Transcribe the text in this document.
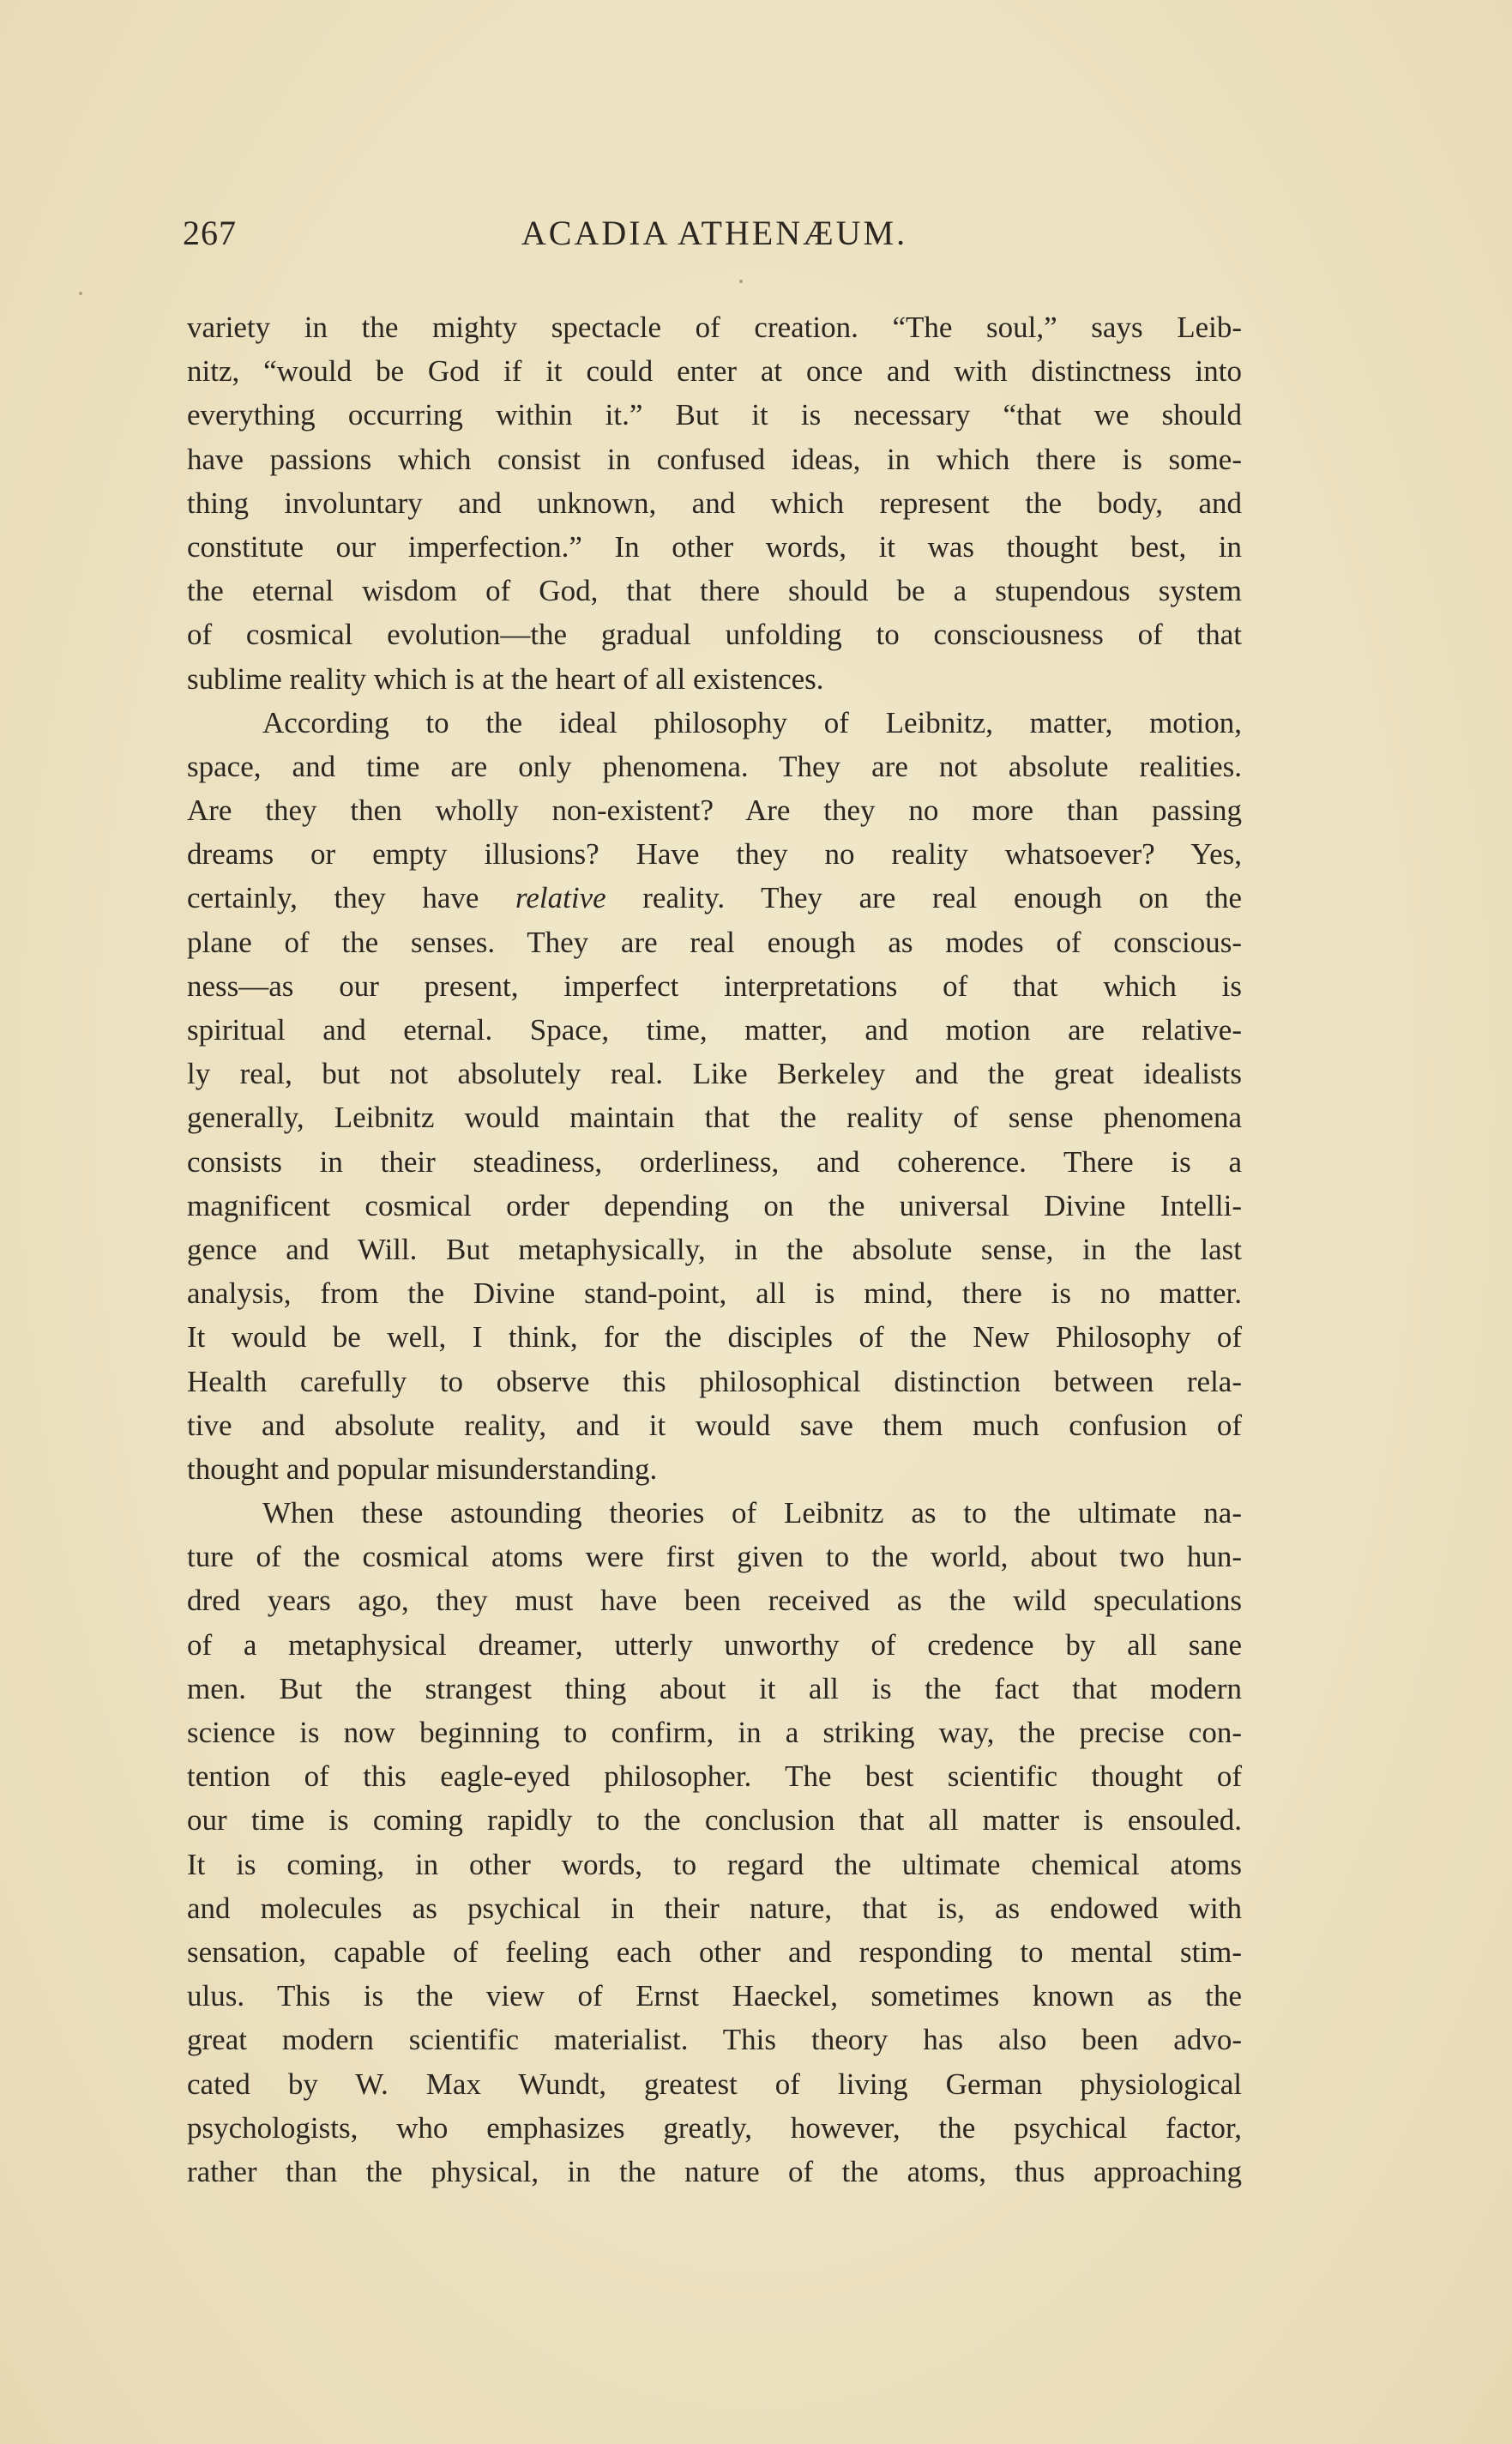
267	ACADIA ATHENÆUM.
variety in the mighty spectacle of creation. “The soul,” says Leib-
nitz, “would be God if it could enter at once and with distinctness into
everything occurring within it.” But it is necessary “that we should
have passions which consist in confused ideas, in which there is some-
thing involuntary and unknown, and which represent the body, and
constitute our imperfection.” In other words, it was thought best, in
the eternal wisdom of God, that there should be a stupendous system
of cosmical evolution—the gradual unfolding to consciousness of that
sublime reality which is at the heart of all existences.
According to the ideal philosophy of Leibnitz, matter, motion,
space, and time are only phenomena. They are not absolute realities.
Are they then wholly non-existent? Are they no more than passing
dreams or empty illusions? Have they no reality whatsoever? Yes,
certainly, they have relative reality. They are real enough on the
plane of the senses. They are real enough as modes of conscious-
ness—as our present, imperfect interpretations of that which is
spiritual and eternal. Space, time, matter, and motion are relative-
ly real, but not absolutely real. Like Berkeley and the great idealists
generally, Leibnitz would maintain that the reality of sense phenomena
consists in their steadiness, orderliness, and coherence. There is a
magnificent cosmical order depending on the universal Divine Intelli-
gence and Will. But metaphysically, in the absolute sense, in the last
analysis, from the Divine stand-point, all is mind, there is no matter.
It would be well, I think, for the disciples of the New Philosophy of
Health carefully to observe this philosophical distinction between rela-
tive and absolute reality, and it would save them much confusion of
thought and popular misunderstanding.
When these astounding theories of Leibnitz as to the ultimate na-
ture of the cosmical atoms were first given to the world, about two hun-
dred years ago, they must have been received as the wild speculations
of a metaphysical dreamer, utterly unworthy of credence by all sane
men. But the strangest thing about it all is the fact that modern
science is now beginning to confirm, in a striking way, the precise con-
tention of this eagle-eyed philosopher. The best scientific thought of
our time is coming rapidly to the conclusion that all matter is ensouled.
It is coming, in other words, to regard the ultimate chemical atoms
and molecules as psychical in their nature, that is, as endowed with
sensation, capable of feeling each other and responding to mental stim-
ulus. This is the view of Ernst Haeckel, sometimes known as the
great modern scientific materialist. This theory has also been advo-
cated by W. Max Wundt, greatest of living German physiological
psychologists, who emphasizes greatly, however, the psychical factor,
rather than the physical, in the nature of the atoms, thus approaching
